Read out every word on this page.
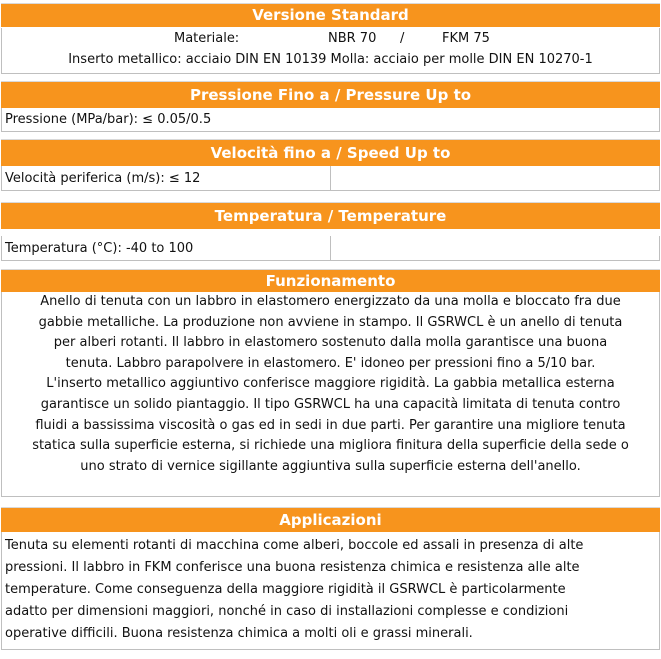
Versione Standard
Materiale:	NBR 70 /	FKM 75
Inserto metallico: acciaio DIN EN 10139 Molla: acciaio per molle DIN EN 10270-1
Pressione Fino a / Pressure Up to
Pressione (MPa/bar): ≤ 0.05/0.5
Velocità fino a / Speed Up to
Velocità periferica (m/s): ≤ 12
Temperatura / Temperature
Temperatura (°C): -40 to 100
Funzionamento
Anello di tenuta con un labbro in elastomero energizzato da una molla e bloccato fra due
gabbie metalliche. La produzione non avviene in stampo. Il GSRWCL è un anello di tenuta
per alberi rotanti. Il labbro in elastomero sostenuto dalla molla garantisce una buona
tenuta. Labbro parapolvere in elastomero. E' idoneo per pressioni fino a 5/10 bar.
L'inserto metallico aggiuntivo conferisce maggiore rigidità. La gabbia metallica esterna
garantisce un solido piantaggio. Il tipo GSRWCL ha una capacità limitata di tenuta contro
fluidi a bassissima viscosità o gas ed in sedi in due parti. Per garantire una migliore tenuta
statica sulla superficie esterna, si richiede una migliora finitura della superficie della sede o
uno strato di vernice sigillante aggiuntiva sulla superficie esterna dell'anello.
Applicazioni
Tenuta su elementi rotanti di macchina come alberi, boccole ed assali in presenza di alte
pressioni. Il labbro in FKM conferisce una buona resistenza chimica e resistenza alle alte
temperature. Come conseguenza della maggiore rigidità il GSRWCL è particolarmente
adatto per dimensioni maggiori, nonché in caso di installazioni complesse e condizioni
operative difficili. Buona resistenza chimica a molti oli e grassi minerali.
